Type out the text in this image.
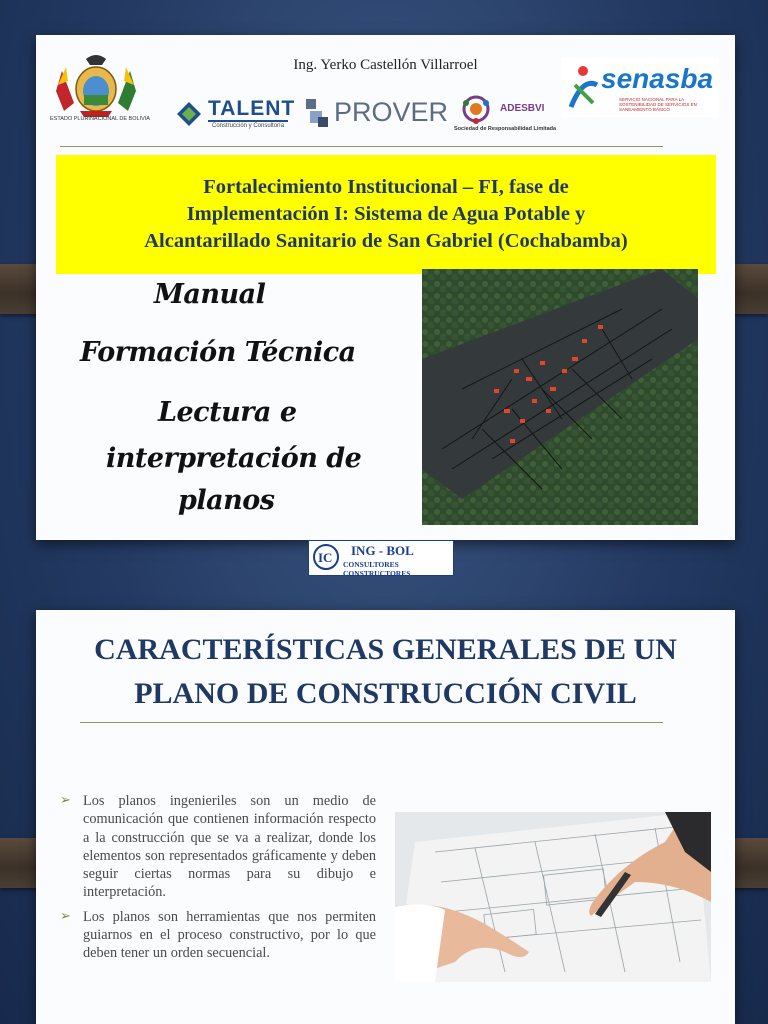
Ing. Yerko Castellón Villarroel
ESTADO PLURINACIONAL DE BOLIVIA	TALENT
Construcción y Consultoría PROVER	ADESBVI
Sociedad de Responsabilidad Limitada
senasba
SERVICIO NACIONAL PARA LA SOSTENIBILIDAD DE SERVICIOS EN SANEAMIENTO BÁSICO
Fortalecimiento Institucional – FI, fase de
Implementación I: Sistema de Agua Potable y
Alcantarillado Sanitario de San Gabriel (Cochabamba)
Manual
Formación Técnica
Lectura e
interpretación de
planos
IC ING - BOL
CONSULTORES CONSTRUCTORES
CARACTERÍSTICAS GENERALES DE UN
PLANO DE CONSTRUCCIÓN CIVIL
➢ Los planos ingenieriles son un medio de comunicación que contienen información respecto a la construcción que se va a realizar, donde los elementos son representados gráficamente y deben seguir ciertas normas para su dibujo e interpretación.
➢ Los planos son herramientas que nos permiten guiarnos en el proceso constructivo, por lo que deben tener un orden secuencial.
